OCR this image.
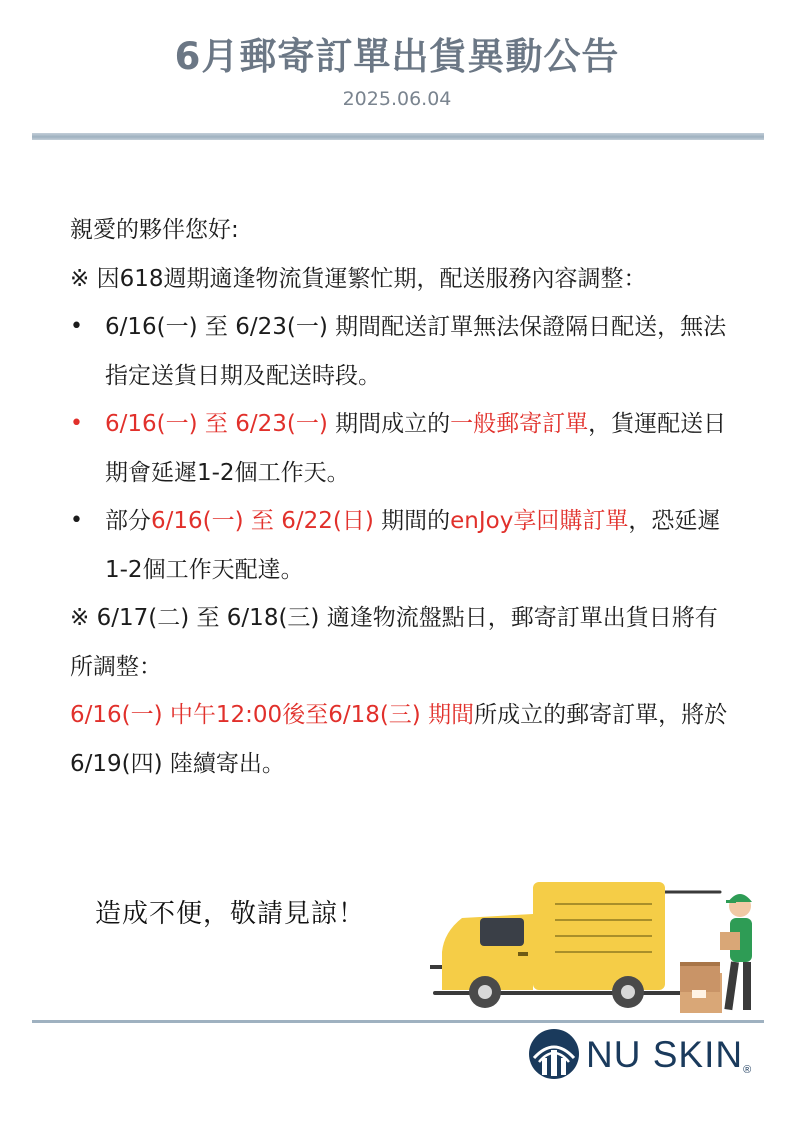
6月郵寄訂單出貨異動公告
2025.06.04

親愛的夥伴您好:

※ 因618週期適逢物流貨運繁忙期，配送服務內容調整：

• 6/16(一) 至 6/23(一) 期間配送訂單無法保證隔日配送，無法指定送貨日期及配送時段。
• 6/16(一) 至 6/23(一) 期間成立的一般郵寄訂單，貨運配送日期會延遲1-2個工作天。
• 部分6/16(一) 至 6/22(日) 期間的enJoy享回購訂單，恐延遲1-2個工作天配達。

※ 6/17(二) 至 6/18(三) 適逢物流盤點日，郵寄訂單出貨日將有所調整：

6/16(一) 中午12:00後至6/18(三) 期間所成立的郵寄訂單，將於6/19(四) 陸續寄出。

造成不便，敬請見諒！
NU SKIN®
